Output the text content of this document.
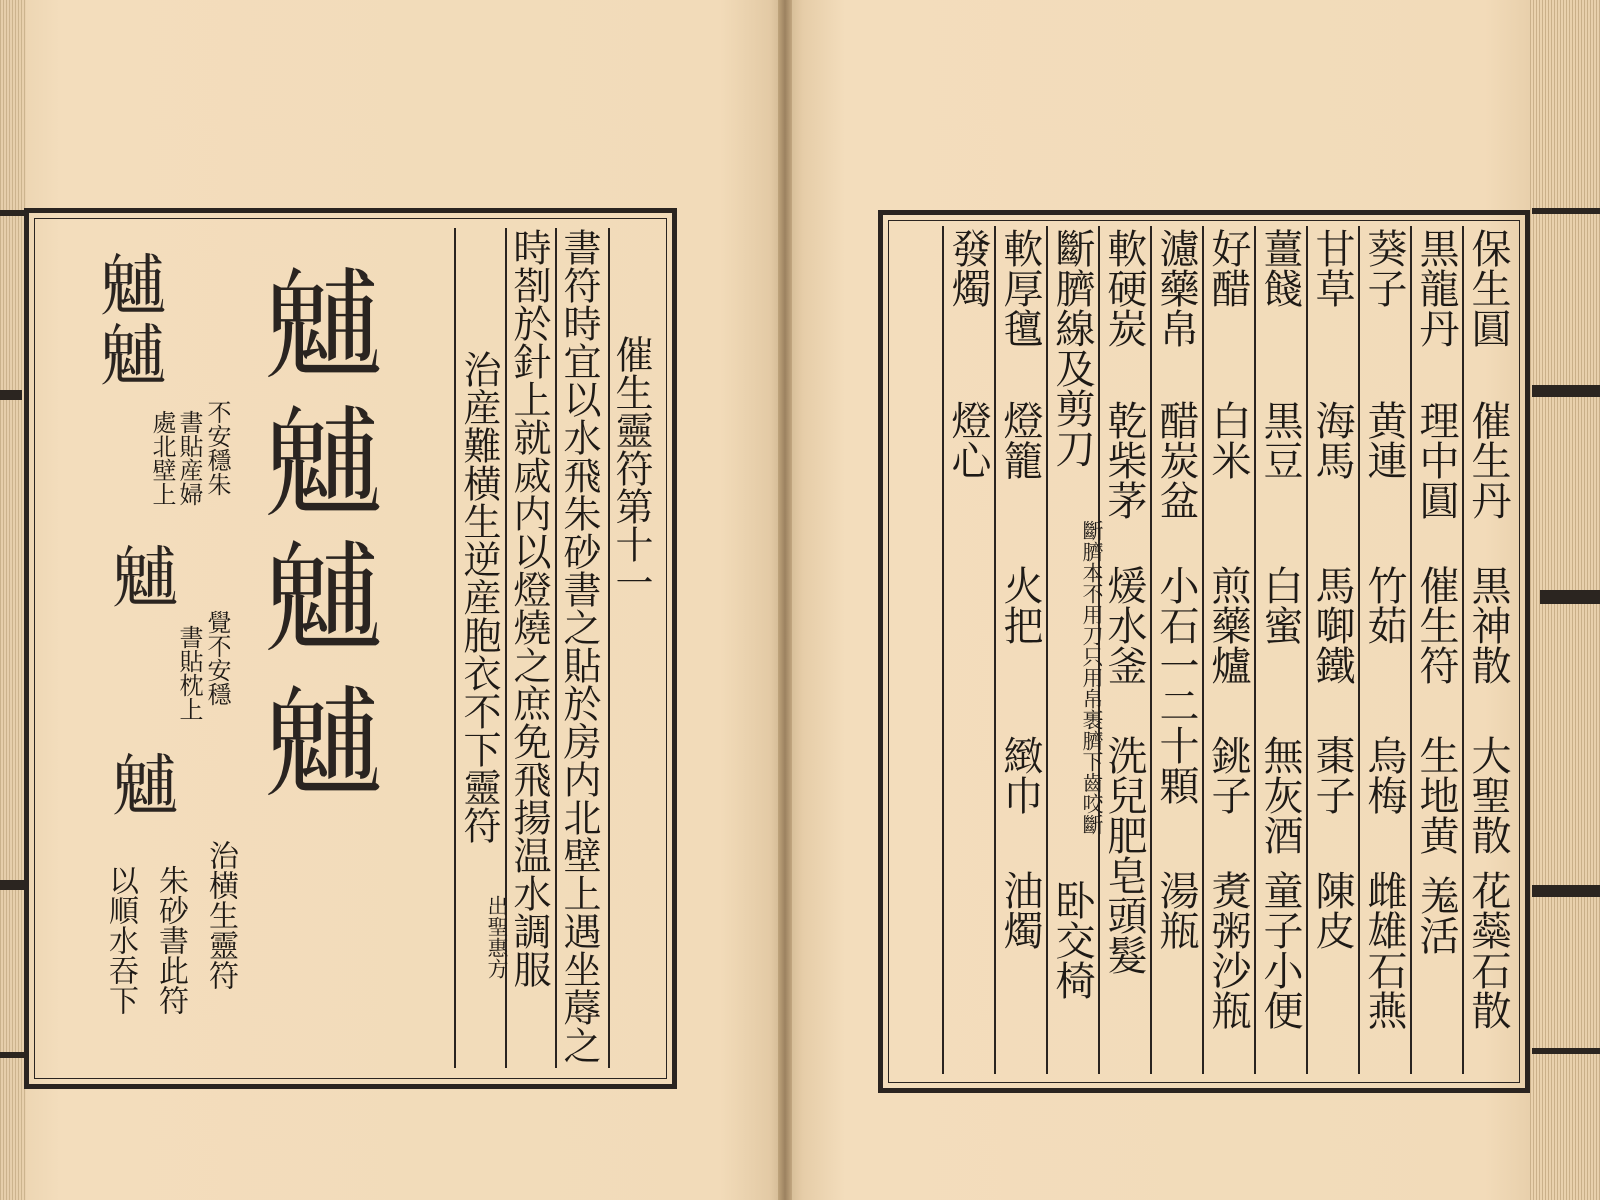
催生靈符第十一
書符時宜以水飛朱砂書之貼於房内北壁上遇坐蓐之
時剳於針上就烕内以燈燒之庶免飛揚温水調服
治産難横生逆産胞衣不下靈符
出聖惠方
𩳐
𩳐
𩳐
𩳐
𩳐
𩳐
𩳐
𩳐
不安穩朱
書貼産婦
處北壁上
覺不安穩
書貼枕上
治横生靈符
朱砂書此符
以順水吞下
保生圓
催生丹
黒神散
大聖散
花蘂石散
黒龍丹
理中圓
催生符
生地黄
羗活
葵子
黄連
竹茹
烏梅
雌雄石燕
甘草
海馬
馬啣鐵
棗子
陳皮
薑餞
黒豆
白蜜
無灰酒
童子小便
好醋
白米
煎藥爐
銚子
煑粥沙瓶
濾藥帛
醋炭盆
小石一二十顆
湯瓶
軟硬炭
乾柴茅
煖水釜
洗兒肥皂頭髮
斷臍線及剪刀
斷臍本不用刀只用帛裹臍下齒咬斷
卧交椅
軟厚氊
燈籠
火把
緻巾
油燭
發燭
燈心
